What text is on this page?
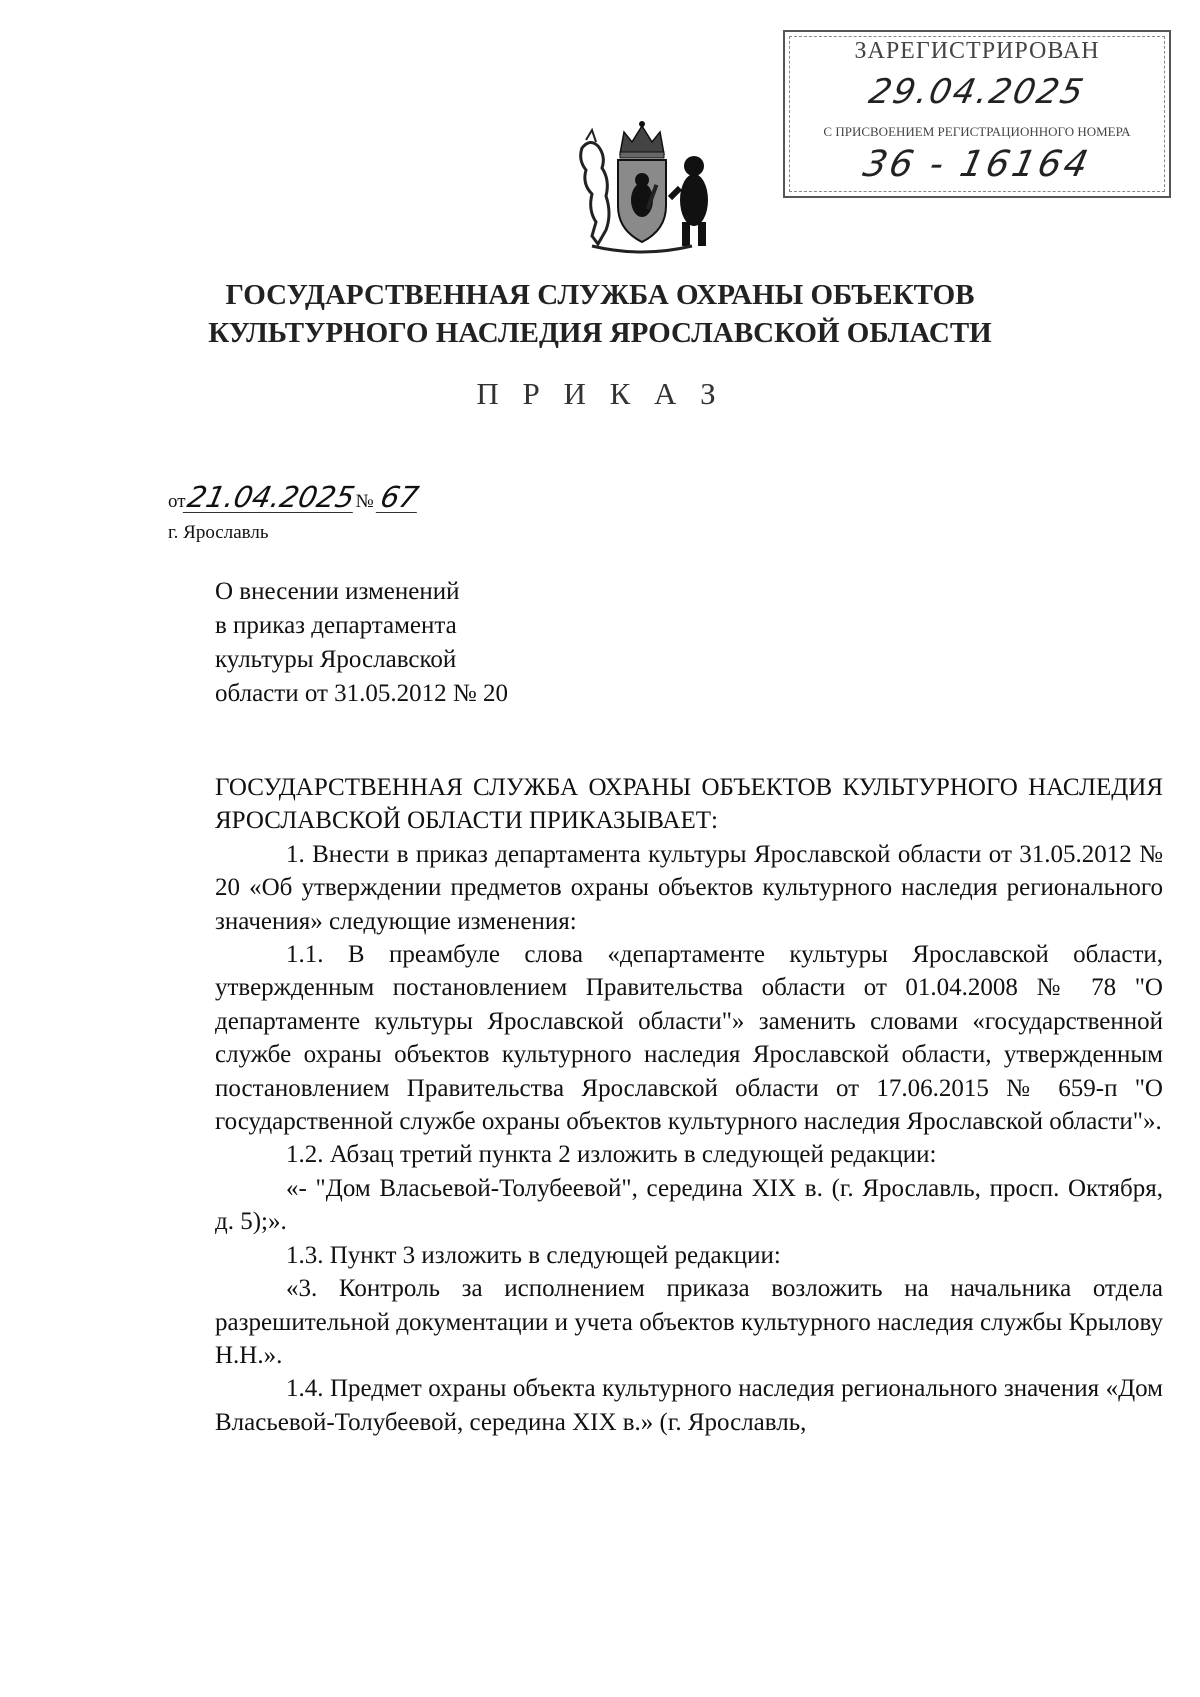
ЗАРЕГИСТРИРОВАН
29.04.2025
С ПРИСВОЕНИЕМ РЕГИСТРАЦИОННОГО НОМЕРА
36 - 16164
ГОСУДАРСТВЕННАЯ СЛУЖБА ОХРАНЫ ОБЪЕКТОВ
КУЛЬТУРНОГО НАСЛЕДИЯ ЯРОСЛАВСКОЙ ОБЛАСТИ
П Р И К А З
от21.04.2025№ 67
г. Ярославль
О внесении изменений
в приказ департамента
культуры Ярославской
области от 31.05.2012 № 20

ГОСУДАРСТВЕННАЯ СЛУЖБА ОХРАНЫ ОБЪЕКТОВ КУЛЬТУРНОГО НАСЛЕДИЯ ЯРОСЛАВСКОЙ ОБЛАСТИ ПРИКАЗЫВАЕТ:

1. Внести в приказ департамента культуры Ярославской области от 31.05.2012 № 20 «Об утверждении предметов охраны объектов культурного наследия регионального значения» следующие изменения:

1.1. В преамбуле слова «департаменте культуры Ярославской области, утвержденным постановлением Правительства области от 01.04.2008 № 78 "О департаменте культуры Ярославской области"» заменить словами «государственной службе охраны объектов культурного наследия Ярославской области, утвержденным постановлением Правительства Ярославской области от 17.06.2015 № 659-п "О государственной службе охраны объектов культурного наследия Ярославской области"».

1.2. Абзац третий пункта 2 изложить в следующей редакции:

«- "Дом Власьевой-Толубеевой", середина XIX в. (г. Ярославль, просп. Октября, д. 5);».

1.3. Пункт 3 изложить в следующей редакции:

«3. Контроль за исполнением приказа возложить на начальника отдела разрешительной документации и учета объектов культурного наследия службы Крылову Н.Н.».

1.4. Предмет охраны объекта культурного наследия регионального значения «Дом Власьевой-Толубеевой, середина XIX в.» (г. Ярославль,
